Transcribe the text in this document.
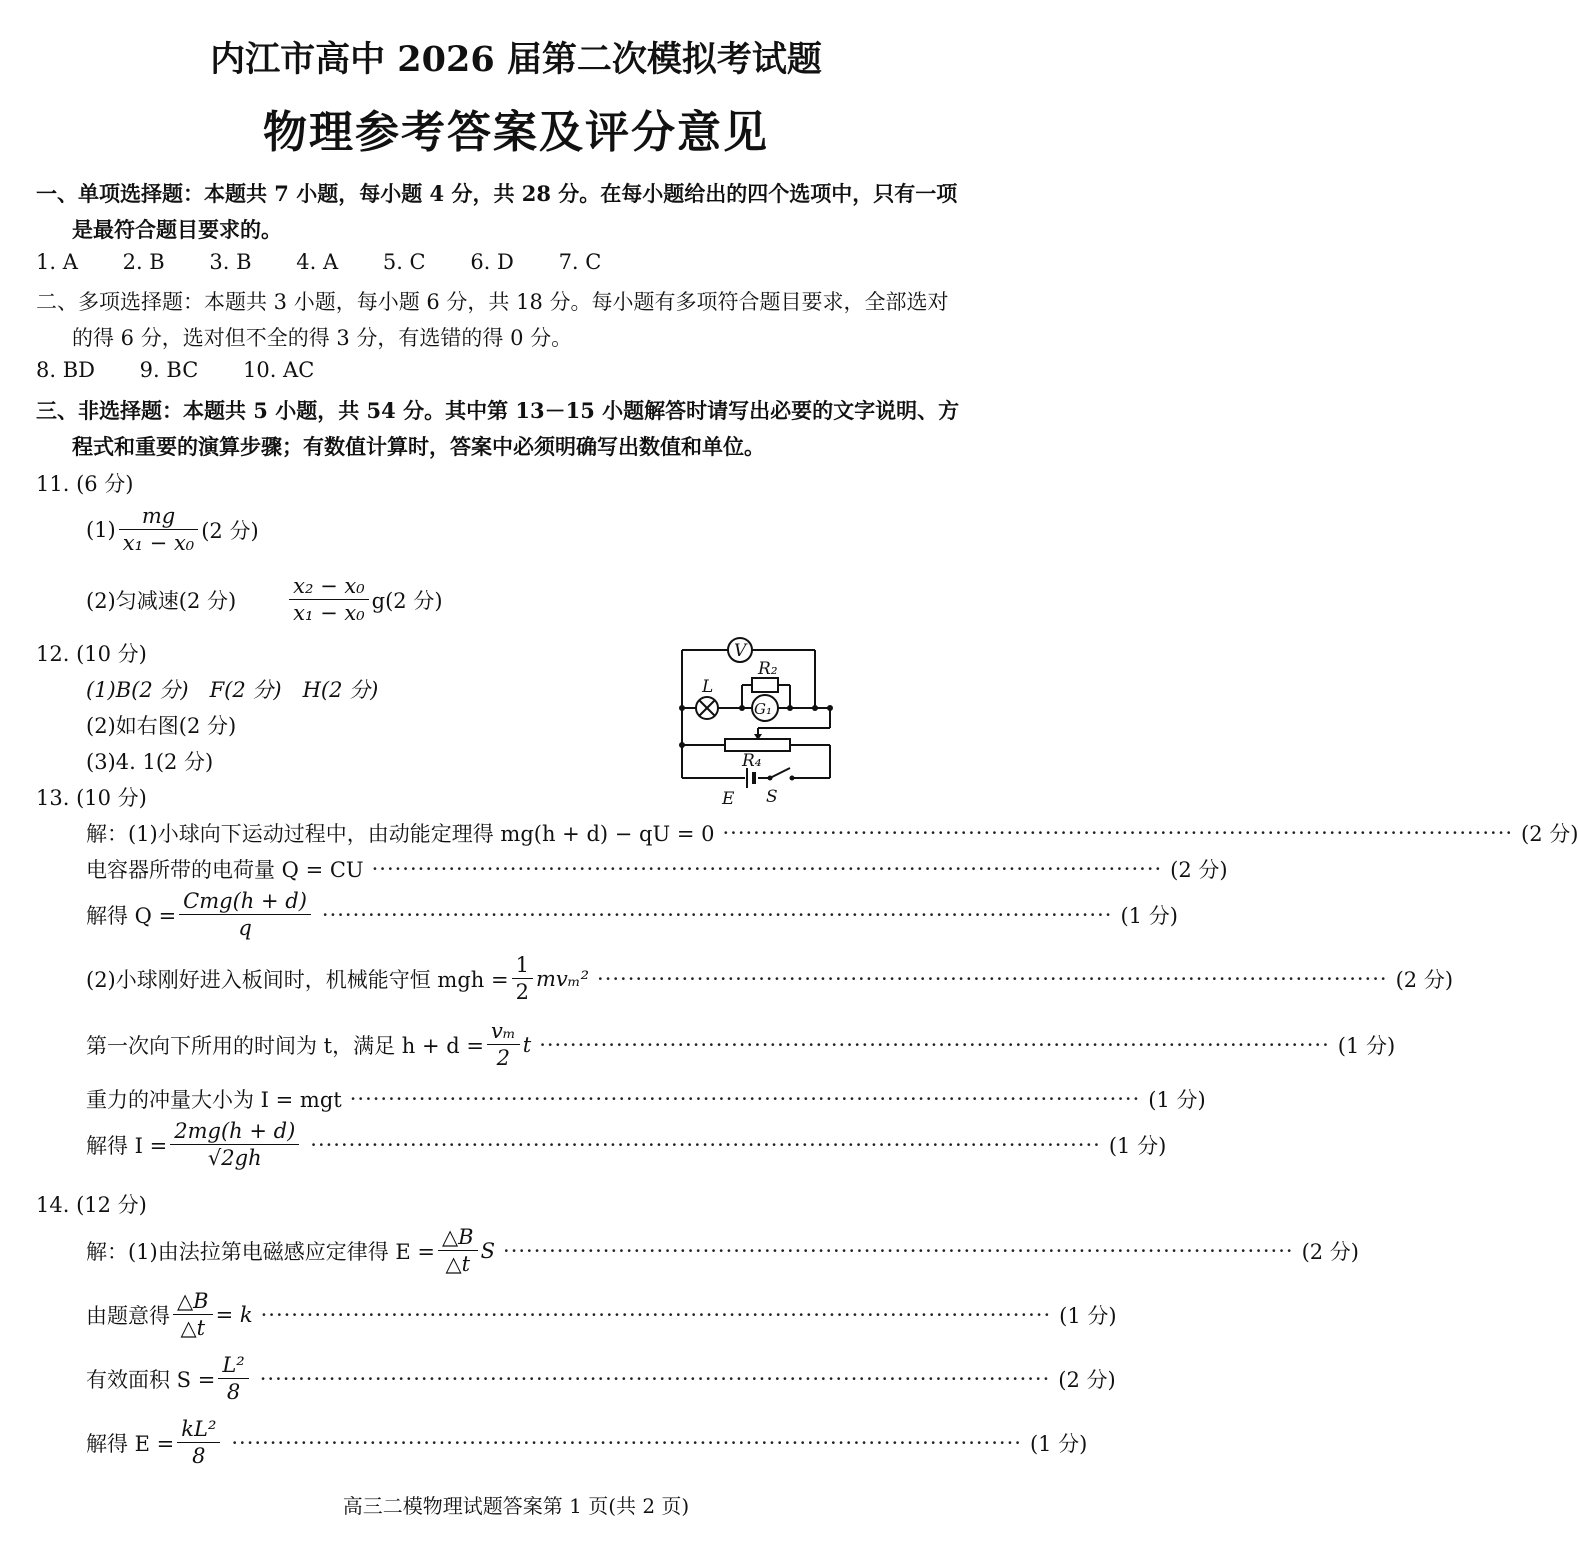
内江市高中 2026 届第二次模拟考试题
物理参考答案及评分意见
一、单项选择题：本题共 7 小题，每小题 4 分，共 28 分。在每小题给出的四个选项中，只有一项
是最符合题目要求的。
1. A 2. B 3. B 4. A 5. C 6. D 7. C
二、多项选择题：本题共 3 小题，每小题 6 分，共 18 分。每小题有多项符合题目要求，全部选对
的得 6 分，选对但不全的得 3 分，有选错的得 0 分。
8. BD 9. BC 10. AC
三、非选择题：本题共 5 小题，共 54 分。其中第 13－15 小题解答时请写出必要的文字说明、方
程式和重要的演算步骤；有数值计算时，答案中必须明确写出数值和单位。
11. (6 分)
$(1) \frac{mg}{\text{x₁ − x₀}} (2$ 分)
(2)匀减速(2 分)	$\frac{\text{x₂ − x₀}}{\text{x₁ − x₀}} g(2$ 分)
12. (10 分)
(1)B(2 分)　F(2 分)　H(2 分)
(2)如右图(2 分)
(3)4. 1(2 分)
V
R₂
L
G₁
R₄
E S
13. (10 分)
解：(1)小球向下运动过程中，由动能定理得 mg(h + d) − qU = 0 ······································································································· (2 分)
电容器所带的电荷量 Q = CU ······································································································· (2 分)
解得 $Q = \frac{\text{Cmg(h + d)}}{q}$ ······································································································· (1 分)
(2)小球刚好进入板间时，机械能守恒 mgh = $\frac{1}{2} mv_m^2$ ······································································································· (2 分)
第一次向下所用的时间为 t，满足 $h + d = \frac{\text{vₘ}}{2}$ t ······································································································· (1 分)
重力的冲量大小为 I = mgt ······································································································· (1 分)
解得 $I = \frac{2mg(h + d)}{√2gh}$ ······································································································· (1 分)
14. (12 分)
解：(1)由法拉第电磁感应定律得 $E = \frac{\triangle B}{\triangle t}$ S ······································································································· (2 分)
由题意得 $\frac{\triangle B}{\triangle t} = k$ ······································································································· (1 分)
有效面积 $S = \frac{\text{L²}}{8}$ ······································································································· (2 分)
解得 $E = \frac{\text{kL²}}{8}$ ······································································································· (1 分)
高三二模物理试题答案第 1 页(共 2 页)
